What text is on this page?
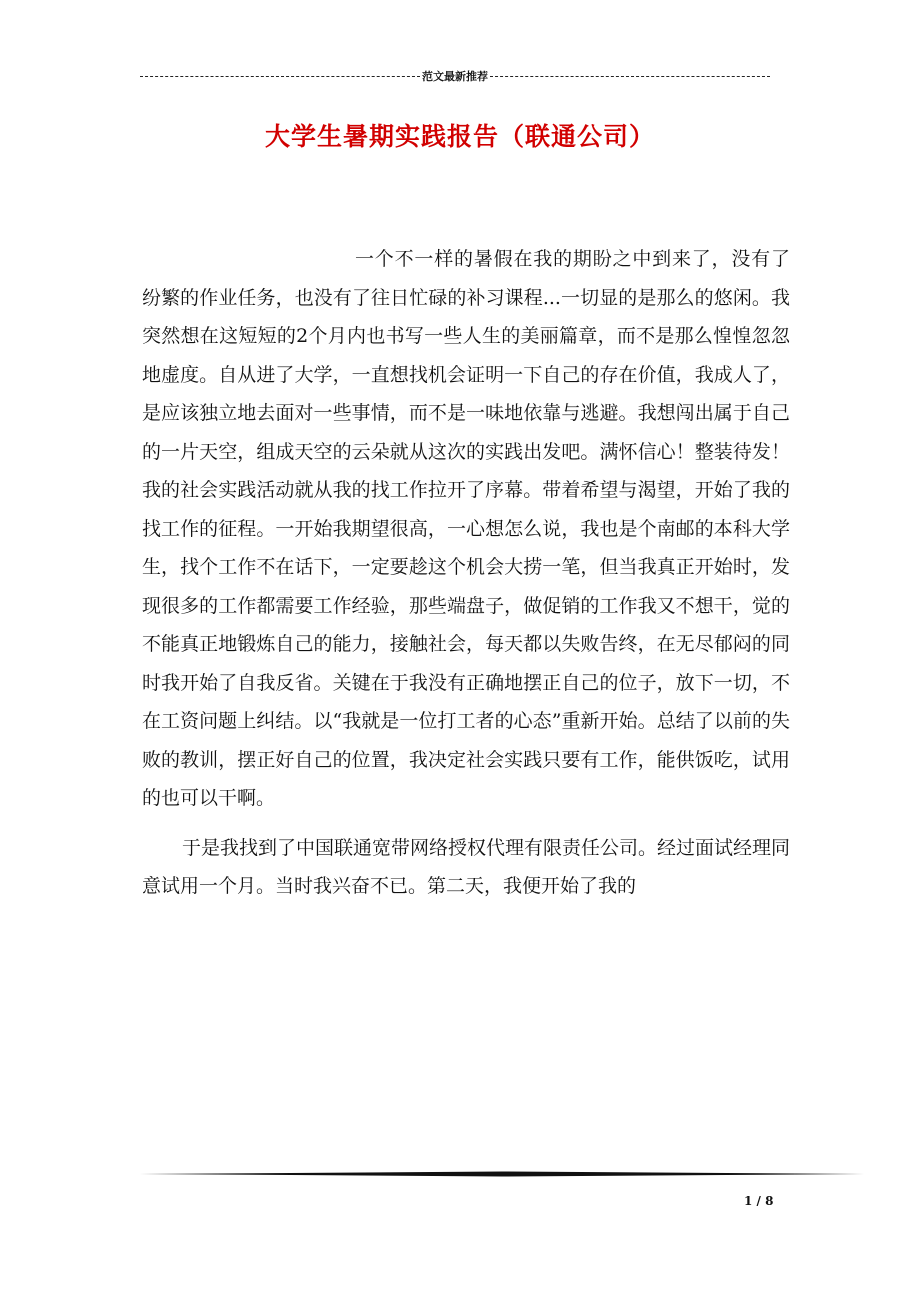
范文最新推荐
大学生暑期实践报告（联通公司）

一个不一样的暑假在我的期盼之中到来了，没有了纷繁的作业任务，也没有了往日忙碌的补习课程...一切显的是那么的悠闲。我突然想在这短短的2个月内也书写一些人生的美丽篇章，而不是那么惶惶忽忽地虚度。自从进了大学，一直想找机会证明一下自己的存在价值，我成人了，是应该独立地去面对一些事情，而不是一味地依靠与逃避。我想闯出属于自己的一片天空，组成天空的云朵就从这次的实践出发吧。满怀信心！整装待发！我的社会实践活动就从我的找工作拉开了序幕。带着希望与渴望，开始了我的找工作的征程。一开始我期望很高，一心想怎么说，我也是个南邮的本科大学生，找个工作不在话下，一定要趁这个机会大捞一笔，但当我真正开始时，发现很多的工作都需要工作经验，那些端盘子，做促销的工作我又不想干，觉的不能真正地锻炼自己的能力，接触社会，每天都以失败告终，在无尽郁闷的同时我开始了自我反省。关键在于我没有正确地摆正自己的位子，放下一切，不在工资问题上纠结。以“我就是一位打工者的心态”重新开始。总结了以前的失败的教训，摆正好自己的位置，我决定社会实践只要有工作，能供饭吃，试用的也可以干啊。

于是我找到了中国联通宽带网络授权代理有限责任公司。经过面试经理同意试用一个月。当时我兴奋不已。第二天，我便开始了我的

1 / 8
